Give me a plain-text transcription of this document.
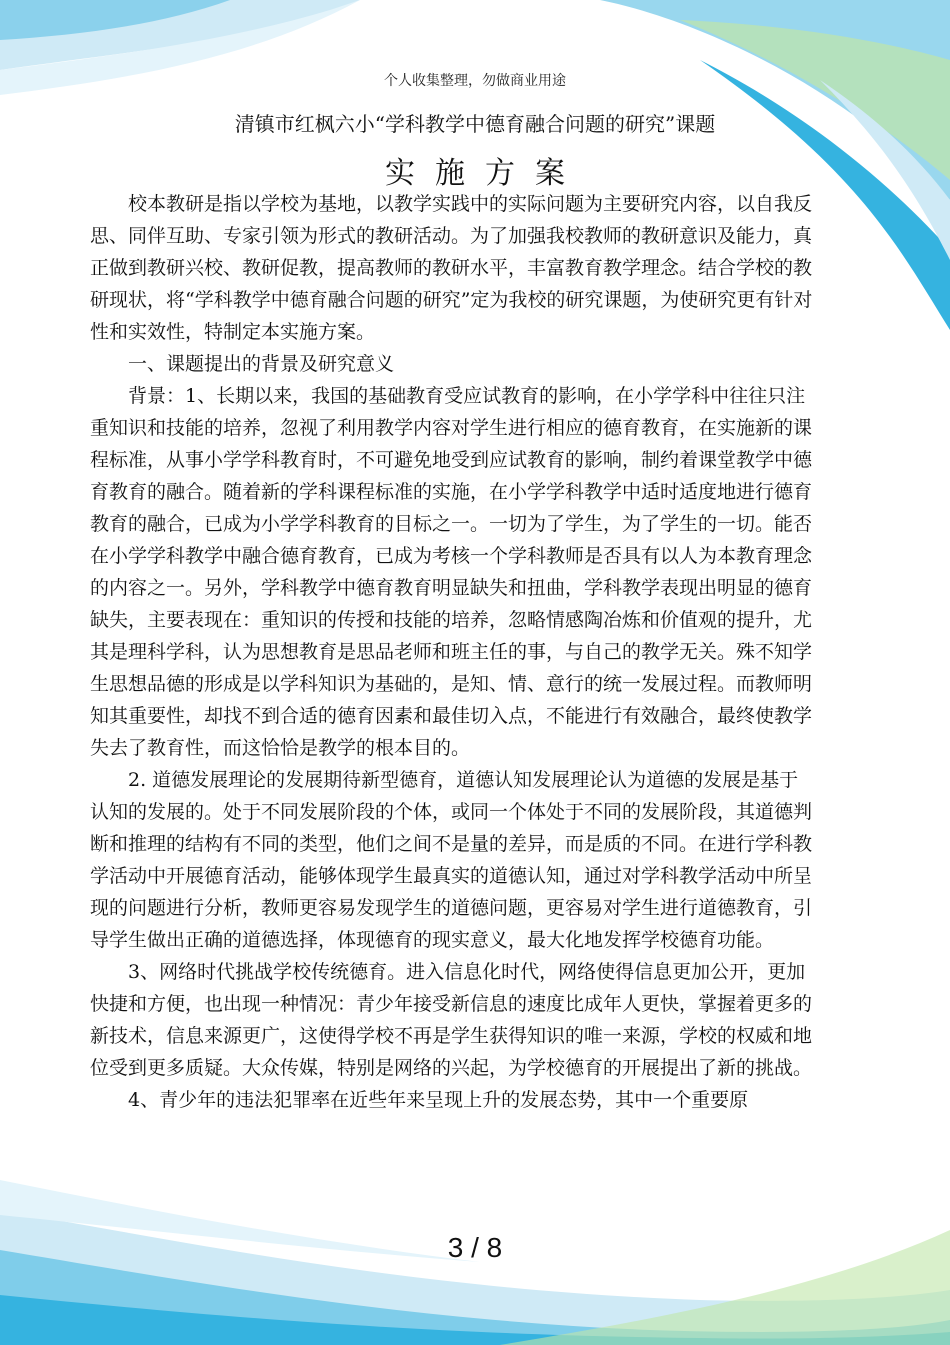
个人收集整理，勿做商业用途
清镇市红枫六小“学科教学中德育融合问题的研究”课题
实施方案

校本教研是指以学校为基地，以教学实践中的实际问题为主要研究内容，以自我反思、同伴互助、专家引领为形式的教研活动。为了加强我校教师的教研意识及能力，真正做到教研兴校、教研促教，提高教师的教研水平，丰富教育教学理念。结合学校的教研现状，将“学科教学中德育融合问题的研究”定为我校的研究课题，为使研究更有针对性和实效性，特制定本实施方案。

一、课题提出的背景及研究意义

背景：1、长期以来，我国的基础教育受应试教育的影响，在小学学科中往往只注重知识和技能的培养，忽视了利用教学内容对学生进行相应的德育教育，在实施新的课程标准，从事小学学科教育时，不可避免地受到应试教育的影响，制约着课堂教学中德育教育的融合。随着新的学科课程标准的实施，在小学学科教学中适时适度地进行德育教育的融合，已成为小学学科教育的目标之一。一切为了学生，为了学生的一切。能否在小学学科教学中融合德育教育，已成为考核一个学科教师是否具有以人为本教育理念的内容之一。另外，学科教学中德育教育明显缺失和扭曲，学科教学表现出明显的德育缺失，主要表现在：重知识的传授和技能的培养，忽略情感陶冶炼和价值观的提升，尤其是理科学科，认为思想教育是思品老师和班主任的事，与自己的教学无关。殊不知学生思想品德的形成是以学科知识为基础的，是知、情、意行的统一发展过程。而教师明知其重要性，却找不到合适的德育因素和最佳切入点，不能进行有效融合，最终使教学失去了教育性，而这恰恰是教学的根本目的。

2. 道德发展理论的发展期待新型德育，道德认知发展理论认为道德的发展是基于认知的发展的。处于不同发展阶段的个体，或同一个体处于不同的发展阶段，其道德判断和推理的结构有不同的类型，他们之间不是量的差异，而是质的不同。在进行学科教学活动中开展德育活动，能够体现学生最真实的道德认知，通过对学科教学活动中所呈现的问题进行分析，教师更容易发现学生的道德问题，更容易对学生进行道德教育，引导学生做出正确的道德选择，体现德育的现实意义，最大化地发挥学校德育功能。

3、网络时代挑战学校传统德育。进入信息化时代，网络使得信息更加公开，更加快捷和方便，也出现一种情况：青少年接受新信息的速度比成年人更快，掌握着更多的新技术，信息来源更广，这使得学校不再是学生获得知识的唯一来源，学校的权威和地位受到更多质疑。大众传媒，特别是网络的兴起，为学校德育的开展提出了新的挑战。

4、青少年的违法犯罪率在近些年来呈现上升的发展态势，其中一个重要原

3 / 8
